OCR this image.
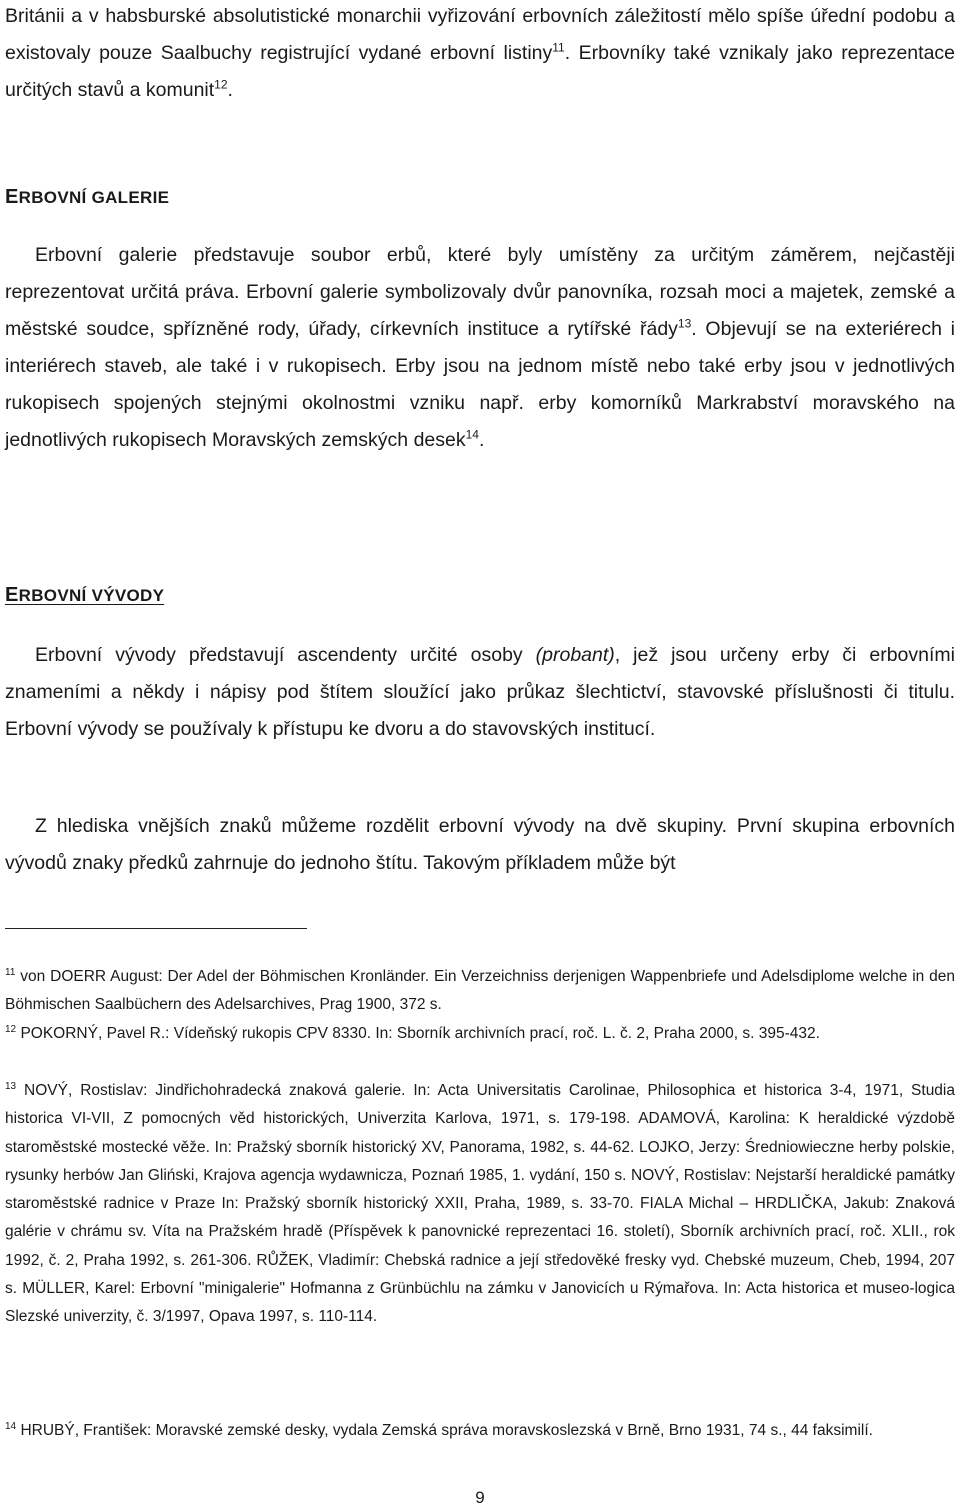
Británii a v habsburské absolutistické monarchii vyřizování erbovních záležitostí mělo spíše úřední podobu a existovaly pouze Saalbuchy registrující vydané erbovní listiny$^{11}$. Erbovníky také vznikaly jako reprezentace určitých stavů a komunit$^{12}$.

ERBOVNÍ GALERIE

Erbovní galerie představuje soubor erbů, které byly umístěny za určitým záměrem, nejčastěji reprezentovat určitá práva. Erbovní galerie symbolizovaly dvůr panovníka, rozsah moci a majetek, zemské a městské soudce, spřízněné rody, úřady, církevních instituce a rytířské řády$^{13}$. Objevují se na exteriérech i interiérech staveb, ale také i v rukopisech. Erby jsou na jednom místě nebo také erby jsou v jednotlivých rukopisech spojených stejnými okolnostmi vzniku např. erby komorníků Markrabství moravského na jednotlivých rukopisech Moravských zemských desek$^{14}$.

ERBOVNÍ VÝVODY

Erbovní vývody představují ascendenty určité osoby (probant), jež jsou určeny erby či erbovními znameními a někdy i nápisy pod štítem sloužící jako průkaz šlechtictví, stavovské příslušnosti či titulu. Erbovní vývody se používaly k přístupu ke dvoru a do stavovských institucí.

Z hlediska vnějších znaků můžeme rozdělit erbovní vývody na dvě skupiny. První skupina erbovních vývodů znaky předků zahrnuje do jednoho štítu. Takovým příkladem může být

$^{11}$ von DOERR August: Der Adel der Böhmischen Kronländer. Ein Verzeichniss derjenigen Wappenbriefe und Adelsdiplome welche in den Böhmischen Saalbüchern des Adelsarchives, Prag 1900, 372 s.

$^{12}$ POKORNÝ, Pavel R.: Vídeňský rukopis CPV 8330. In: Sborník archivních prací, roč. L. č. 2, Praha 2000, s. 395-432.

$^{13}$ NOVÝ, Rostislav: Jindřichohradecká znaková galerie. In: Acta Universitatis Carolinae, Philosophica et historica 3-4, 1971, Studia historica VI-VII, Z pomocných věd historických, Univerzita Karlova, 1971, s. 179-198. ADAMOVÁ, Karolina: K heraldické výzdobě staroměstské mostecké věže. In: Pražský sborník historický XV, Panorama, 1982, s. 44-62. LOJKO, Jerzy: Średniowieczne herby polskie, rysunky herbów Jan Gliński, Krajova agencja wydawnicza, Poznań 1985, 1. vydání, 150 s. NOVÝ, Rostislav: Nejstarší heraldické památky staroměstské radnice v Praze In: Pražský sborník historický XXII, Praha, 1989, s. 33-70. FIALA Michal – HRDLIČKA, Jakub: Znaková galérie v chrámu sv. Víta na Pražském hradě (Příspěvek k panovnické reprezentaci 16. století), Sborník archivních prací, roč. XLII., rok 1992, č. 2, Praha 1992, s. 261-306. RŮŽEK, Vladimír: Chebská radnice a její středověké fresky vyd. Chebské muzeum, Cheb, 1994, 207 s. MÜLLER, Karel: Erbovní "minigalerie" Hofmanna z Grünbüchlu na zámku v Janovicích u Rýmařova. In: Acta historica et museo-logica Slezské univerzity, č. 3/1997, Opava 1997, s. 110-114.

$^{14}$ HRUBÝ, František: Moravské zemské desky, vydala Zemská správa moravskoslezská v Brně, Brno 1931, 74 s., 44 faksimilí.

9
